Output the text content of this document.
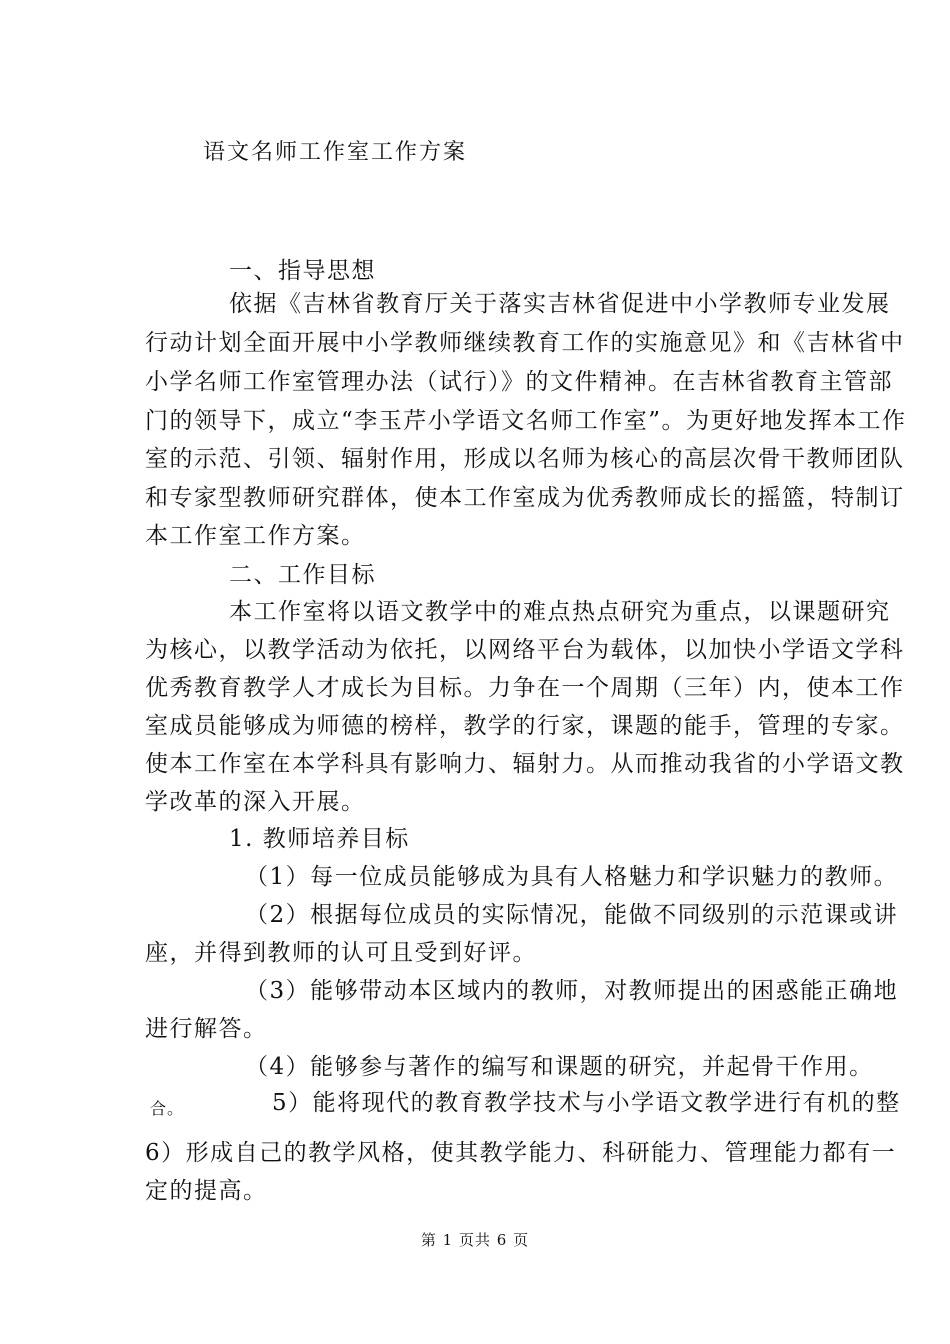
语文名师工作室工作方案
一、指导思想
依据《吉林省教育厅关于落实吉林省促进中小学教师专业发展
行动计划全面开展中小学教师继续教育工作的实施意见》和《吉林省中
小学名师工作室管理办法（试行）》的文件精神。在吉林省教育主管部
门的领导下，成立“李玉芹小学语文名师工作室”。为更好地发挥本工作
室的示范、引领、辐射作用，形成以名师为核心的高层次骨干教师团队
和专家型教师研究群体，使本工作室成为优秀教师成长的摇篮，特制订
本工作室工作方案。
二、工作目标
本工作室将以语文教学中的难点热点研究为重点，以课题研究
为核心，以教学活动为依托，以网络平台为载体，以加快小学语文学科
优秀教育教学人才成长为目标。力争在一个周期（三年）内，使本工作
室成员能够成为师德的榜样，教学的行家，课题的能手，管理的专家。
使本工作室在本学科具有影响力、辐射力。从而推动我省的小学语文教
学改革的深入开展。
1. 教师培养目标
（1）每一位成员能够成为具有人格魅力和学识魅力的教师。
（2）根据每位成员的实际情况，能做不同级别的示范课或讲
座，并得到教师的认可且受到好评。
（3）能够带动本区域内的教师，对教师提出的困惑能正确地
进行解答。
（4）能够参与著作的编写和课题的研究，并起骨干作用。
合。	5）能将现代的教育教学技术与小学语文教学进行有机的整
6）形成自己的教学风格，使其教学能力、科研能力、管理能力都有一
定的提高。
第 1 页共 6 页
